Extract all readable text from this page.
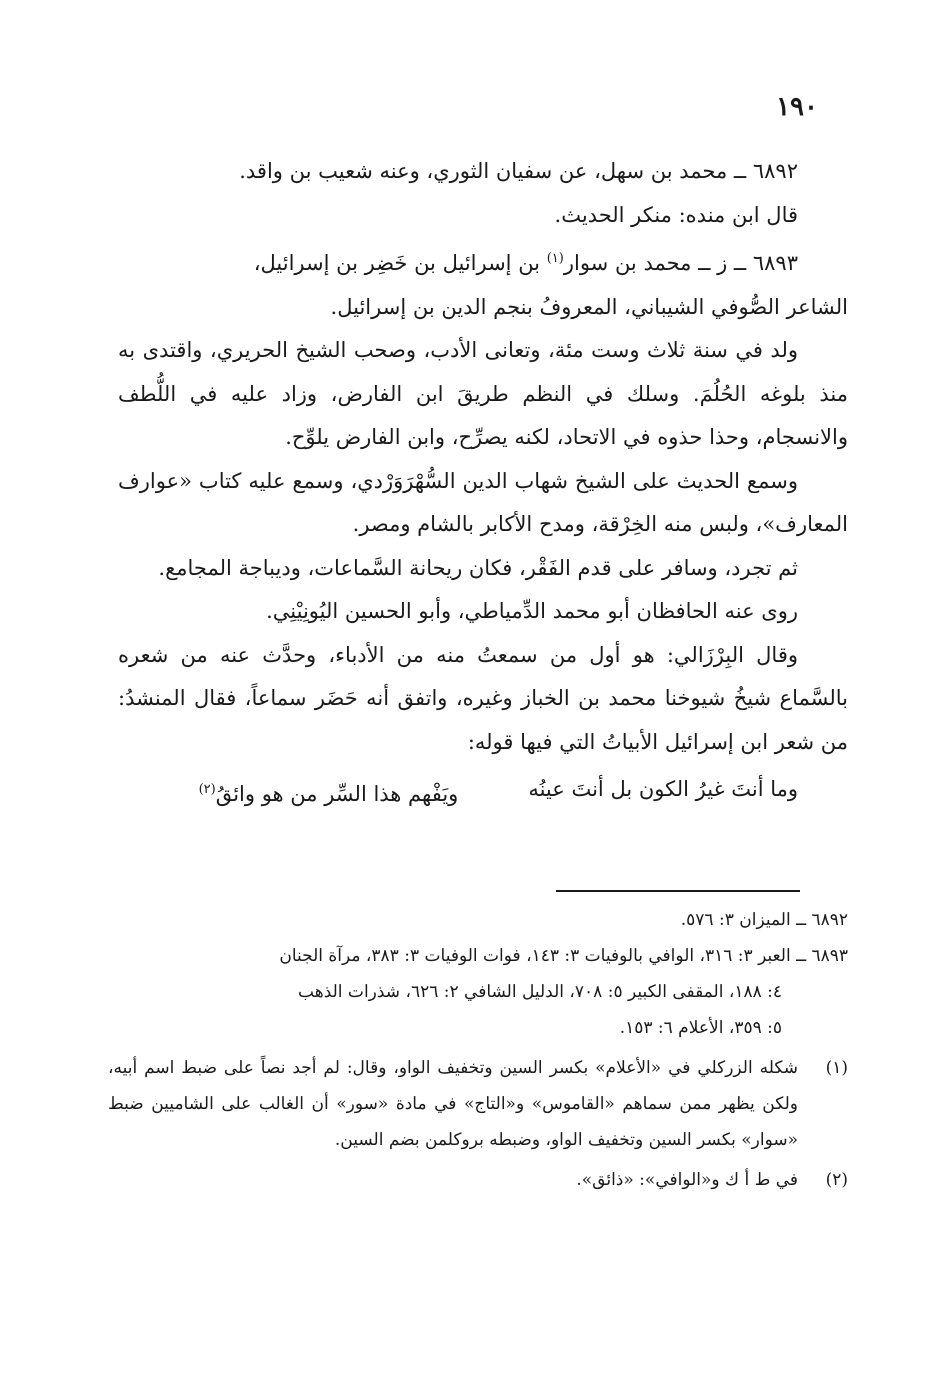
١٩٠

٦٨٩٢ ــ محمد بن سهل، عن سفيان الثوري، وعنه شعيب بن واقد.

قال ابن منده: منكر الحديث.

٦٨٩٣ ــ ز ــ محمد بن سوار$^{(١)}$ بن إسرائيل بن خَضِر بن إسرائيل،

الشاعر الصُّوفي الشيباني، المعروفُ بنجم الدين بن إسرائيل.

ولد في سنة ثلاث وست مئة، وتعانى الأدب، وصحب الشيخ الحريري، واقتدى به منذ بلوغه الحُلُمَ. وسلك في النظم طريقَ ابن الفارض، وزاد عليه في اللُّطف والانسجام، وحذا حذوه في الاتحاد، لكنه يصرِّح، وابن الفارض يلوِّح.

وسمع الحديث على الشيخ شهاب الدين السُّهْرَوَرْدي، وسمع عليه كتاب «عوارف المعارف»، ولبس منه الخِرْقة، ومدح الأكابر بالشام ومصر.

ثم تجرد، وسافر على قدم الفَقْر، فكان ريحانة السَّماعات، وديباجة المجامع.

روى عنه الحافظان أبو محمد الدِّمياطي، وأبو الحسين اليُونِيْنِي.

وقال البِرْزَالي: هو أول من سمعتُ منه من الأدباء، وحدَّث عنه من شعره بالسَّماع شيخُ شيوخنا محمد بن الخباز وغيره، واتفق أنه حَضَر سماعاً، فقال المنشدُ: من شعر ابن إسرائيل الأبياتُ التي فيها قوله:

وما أنتَ غيرُ الكون بل أنتَ عينُه
ويَفْهم هذا السِّر من هو وائقُ$^{(٢)}$

٦٨٩٢ ــ الميزان ٣: ٥٧٦.

٦٨٩٣ ــ العبر ٣: ٣١٦، الوافي بالوفيات ٣: ١٤٣، فوات الوفيات ٣: ٣٨٣، مرآة الجنان

٤: ١٨٨، المقفى الكبير ٥: ٧٠٨، الدليل الشافي ٢: ٦٢٦، شذرات الذهب

٥: ٣٥٩، الأعلام ٦: ١٥٣.

(١)
شكله الزركلي في «الأعلام» بكسر السين وتخفيف الواو، وقال: لم أجد نصاً على ضبط اسم أبيه، ولكن يظهر ممن سماهم «القاموس» و«التاج» في مادة «سور» أن الغالب على الشاميين ضبط «سوار» بكسر السين وتخفيف الواو، وضبطه بروكلمن بضم السين.
(٢)
في ط أ ك و«الوافي»: «ذائق».
